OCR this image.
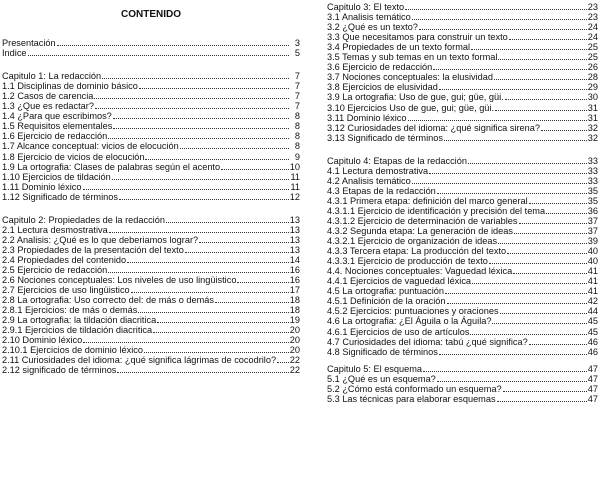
CONTENIDO
Presentación	3
Indice	5
Capitulo 1: La redacción	7
1.1 Disciplinas de dominio básico	7
1.2 Casos de carencia	7
1.3 ¿Que es redactar?	7
1.4 ¿Para que escribimos?	8
1.5 Requisitos elementales	8
1.6 Ejercicio de redacción	8
1.7 Alcance conceptual: vicios de elocución	8
1.8 Ejercicio de vicios de elocución	9
1.9 La ortografia: Clases de palabras según el acento	10
1.10 Ejercicios de tildación	11
1.11 Dominio léxico	11
1.12 Significado de términos	12
Capitulo 2: Propiedades de la redacción	13
2.1 Lectura desmostrativa	13
2.2 Analisis: ¿Qué es lo que deberiamos lograr?	13
2.3 Propiedades de la presentación del texto	13
2.4 Propiedades del contenido	14
2.5 Ejercicio de redacción	16
2.6 Nociones conceptuales: Los niveles de uso lingüistico	16
2.7 Ejercicios de uso lingüistico	17
2.8 La ortografia: Uso correcto del: de más o demás	18
2.8.1 Ejercicios: de más o demás	18
2.9 La ortografia: la tildación diacritica	19
2.9.1 Ejercicios de tildación diacritica	20
2.10 Dominio léxico	20
2.10.1 Ejercicios de dominio léxico	20
2.11 Curiosidades del idioma: ¿qué significa lágrimas de cocodrilo? 22
2.12 significado de términos	22
Capitulo 3: El texto	23
3.1 Analisis temático	23
3.2 ¿Qué es un texto?	24
3.3 Que necesitamos para construir un texto	24
3.4 Propiedades de un texto formal	25
3.5 Temas y sub temas en un texto formal	25
3.6 Ejercicio de redacción	26
3.7 Nociones conceptuales: la elusividad	28
3.8 Ejercicios de elusividad	29
3.9 La ortografia: Uso de gue, gui; güe, güi.	30
3.10 Ejercicios Uso de gue, gui; güe, güi.	31
3.11 Dominio léxico	31
3.12 Curiosidades del idioma: ¿qué significa sirena?	32
3.13 Significado de términos	32
Capitulo 4: Etapas de la redacción	33
4.1 Lectura demostrativa	33
4.2 Analisis temático	33
4.3 Etapas de la redacción	35
4.3.1 Primera etapa: definición del marco general	35
4.3.1.1 Ejercicio de identificación y precisión del tema	36
4.3.1.2 Ejercicio de determinación de variables	37
4.3.2 Segunda etapa: La generación de ideas	37
4.3.2.1 Ejercicio de organización de ideas	39
4.3.3 Tercera etapa: La producción del texto	40
4.3.3.1 Ejercicio de producción de texto	40
4.4. Nociones conceptuales: Vaguedad léxica	41
4.4.1 Ejercicios de vaguedad léxica	41
4.5 La ortografia: puntuación	41
4.5.1 Definición de la oración	42
4.5.2 Ejercicios: puntuaciones y oraciones	44
4.6 La ortografia: ¿El Águila o la Águila?	45
4.6.1 Ejercicios de uso de artículos	45
4.7 Curiosidades del idioma: tabú ¿qué significa?	46
4.8 Significado de términos	46
Capitulo 5: El esquema	47
5.1 ¿Qué es un esquema?	47
5.2 ¿Cómo está conformado un esquema?	47
5.3 Las técnicas para elaborar esquemas	47
